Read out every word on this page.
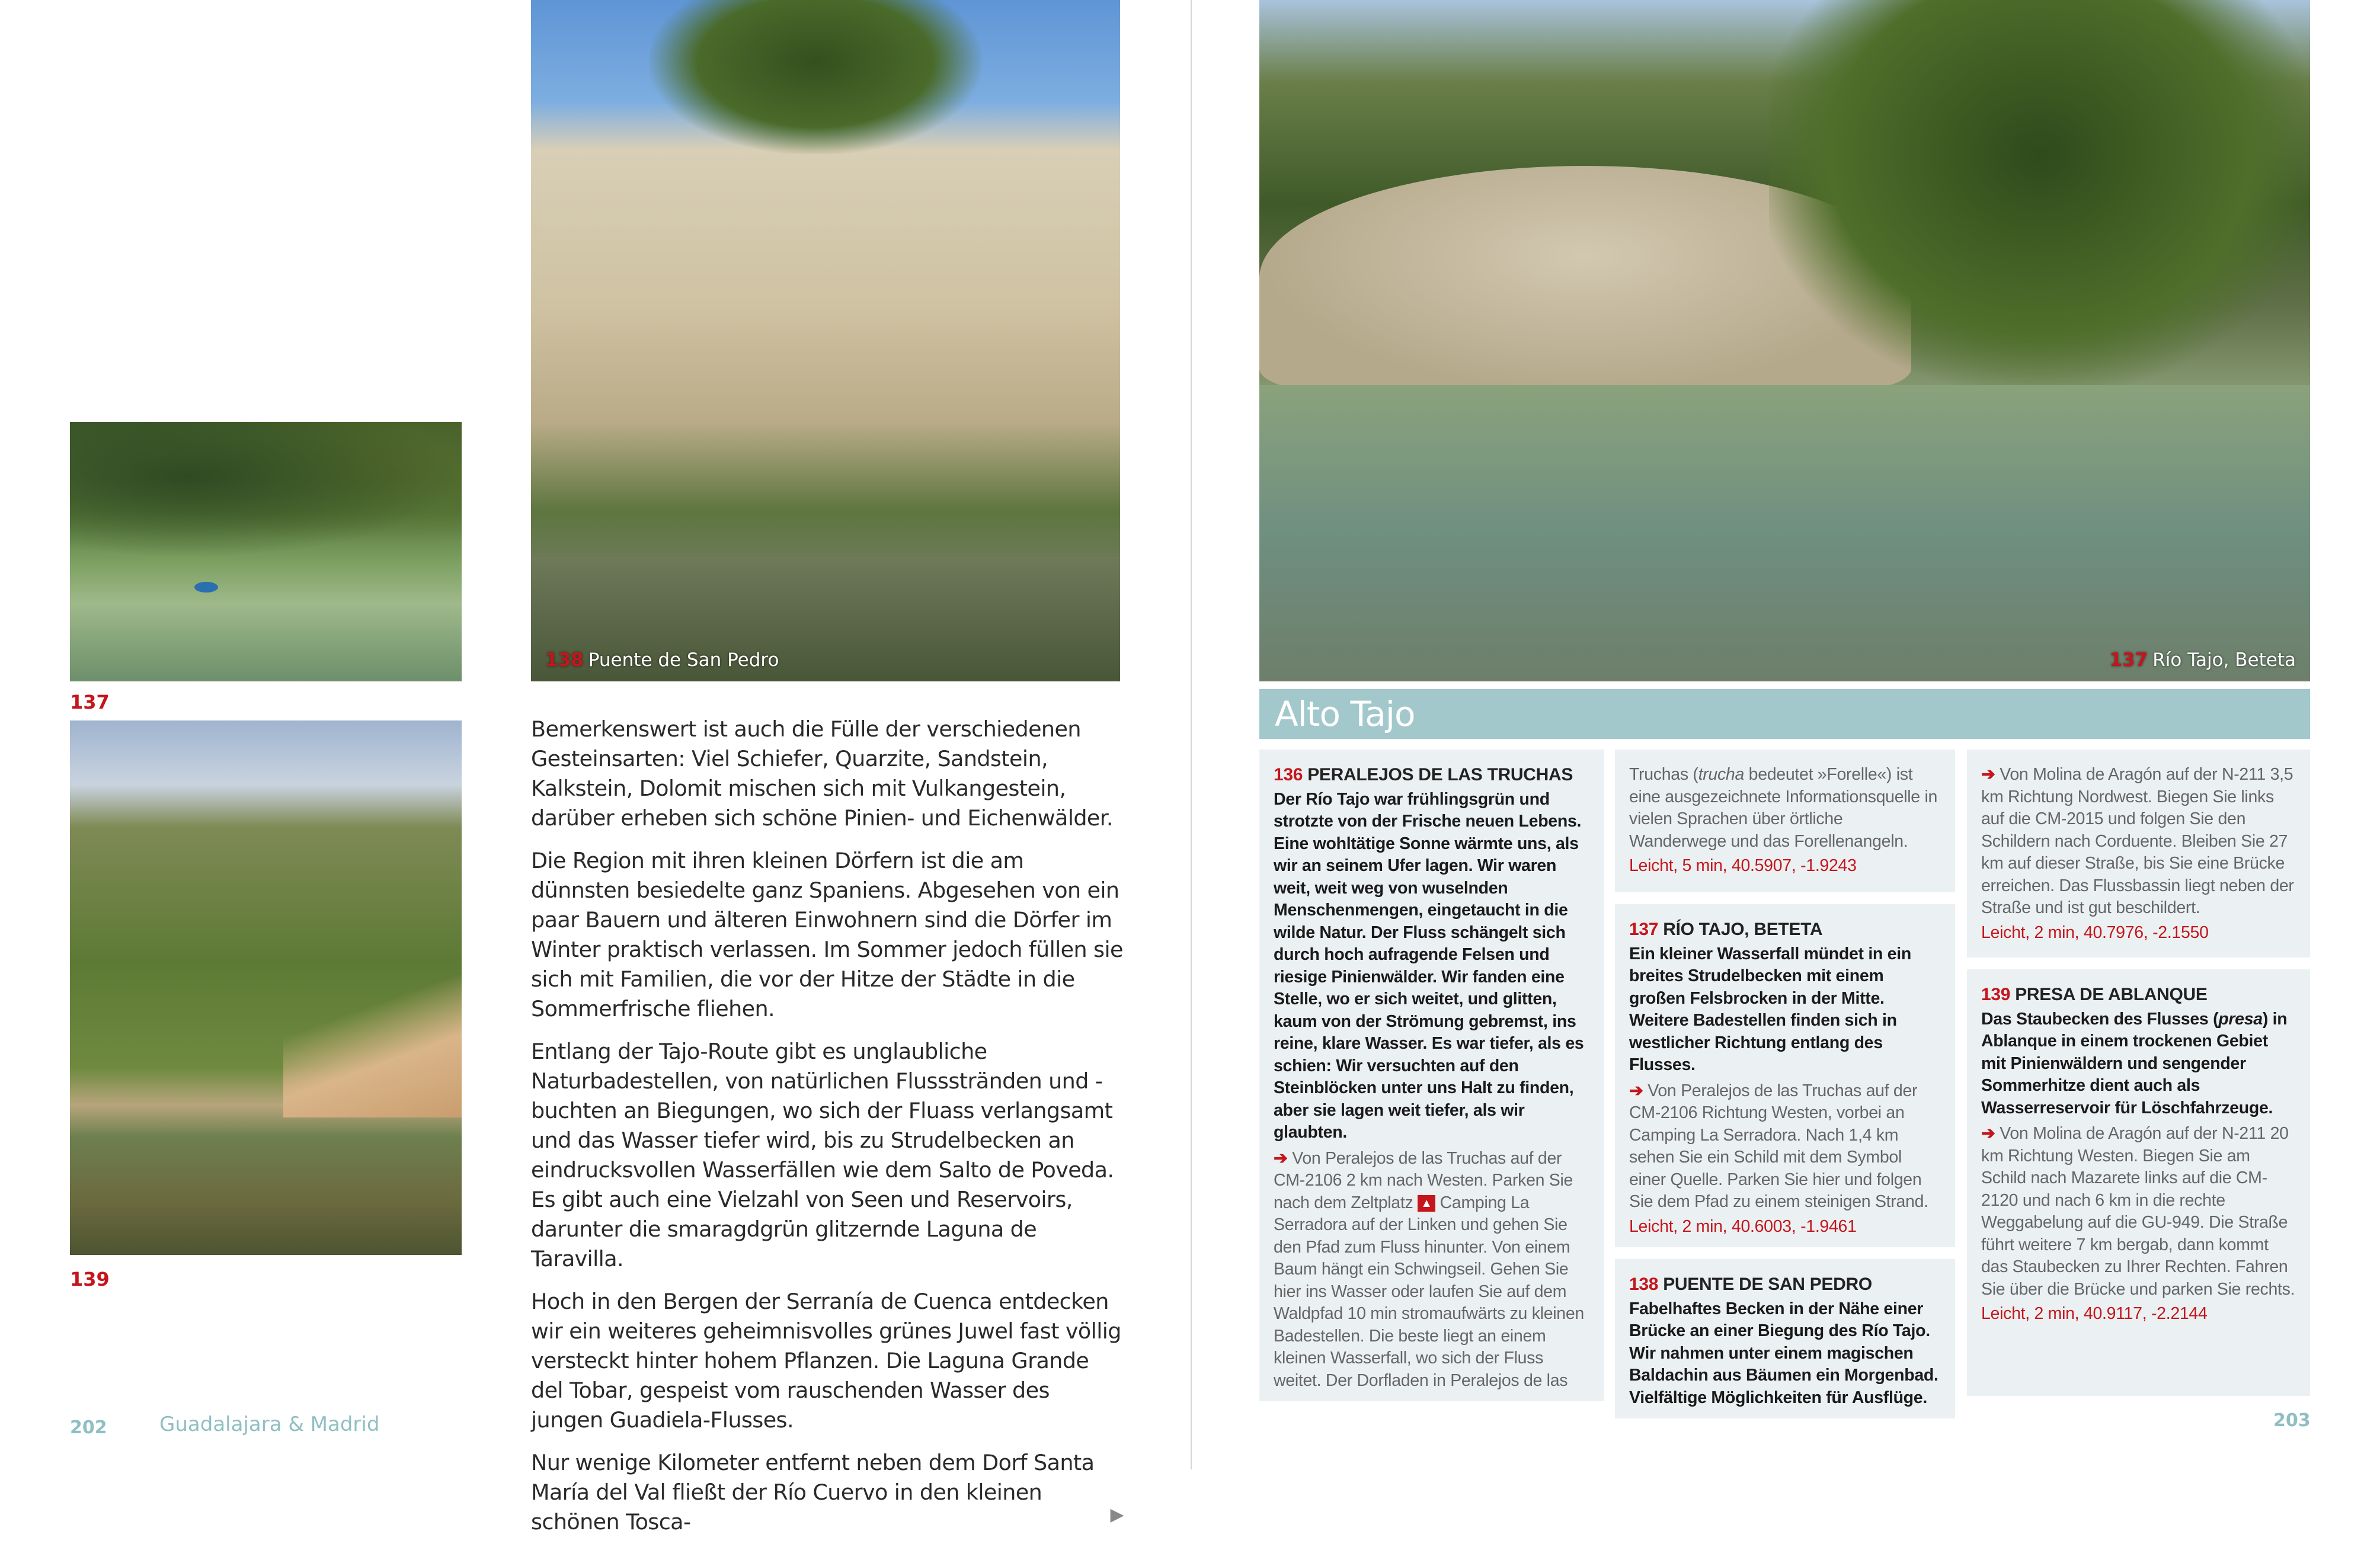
137
139
138 Puente de San Pedro

Bemerkenswert ist auch die Fülle der verschiedenen Gesteinsarten: Viel Schiefer, Quarzite, Sandstein, Kalkstein, Dolomit mischen sich mit Vulkangestein, darüber erheben sich schöne Pinien- und Eichenwälder.

Die Region mit ihren kleinen Dörfern ist die am dünnsten besiedelte ganz Spaniens. Abgesehen von ein paar Bauern und älteren Einwohnern sind die Dörfer im Winter praktisch verlassen. Im Sommer jedoch füllen sie sich mit Familien, die vor der Hitze der Städte in die Sommerfrische fliehen.

Entlang der Tajo-Route gibt es unglaubliche Naturbadestellen, von natürlichen Flussstränden und -buchten an Biegungen, wo sich der Fluass verlangsamt und das Wasser tiefer wird, bis zu Strudelbecken an eindrucksvollen Wasserfällen wie dem Salto de Poveda. Es gibt auch eine Vielzahl von Seen und Reservoirs, darunter die smaragdgrün glitzernde Laguna de Taravilla.

Hoch in den Bergen der Serranía de Cuenca entdecken wir ein weiteres geheimnisvolles grünes Juwel fast völlig versteckt hinter hohem Pflanzen. Die Laguna Grande del Tobar, gespeist vom rauschenden Wasser des jungen Guadiela-Flusses.

Nur wenige Kilometer entfernt neben dem Dorf Santa María del Val fließt der Río Cuervo in den kleinen schönen Tosca-	▶
202	Guadalajara & Madrid
137 Río Tajo, Beteta
Alto Tajo
136 PERALEJOS DE LAS TRUCHAS
Der Río Tajo war frühlingsgrün und strotzte von der Frische neuen Lebens. Eine wohltätige Sonne wärmte uns, als wir an seinem Ufer lagen. Wir waren weit, weit weg von wuselnden Menschenmengen, eingetaucht in die wilde Natur. Der Fluss schängelt sich durch hoch aufragende Felsen und riesige Pinienwälder. Wir fanden eine Stelle, wo er sich weitet, und glitten, kaum von der Strömung gebremst, ins reine, klare Wasser. Es war tiefer, als es schien: Wir versuchten auf den Steinblöcken unter uns Halt zu finden, aber sie lagen weit tiefer, als wir glaubten.
➔ Von Peralejos de las Truchas auf der CM-2106 2 km nach Westen. Parken Sie nach dem Zeltplatz ▲ Camping La Serradora auf der Linken und gehen Sie den Pfad zum Fluss hinunter. Von einem Baum hängt ein Schwingseil. Gehen Sie hier ins Wasser oder laufen Sie auf dem Waldpfad 10 min stromaufwärts zu kleinen Badestellen. Die beste liegt an einem kleinen Wasserfall, wo sich der Fluss weitet. Der Dorfladen in Peralejos de las
Truchas (trucha bedeutet »Forelle«) ist eine ausgezeichnete Informationsquelle in vielen Sprachen über örtliche Wanderwege und das Forellenangeln.
Leicht, 5 min, 40.5907, -1.9243
137 RÍO TAJO, BETETA
Ein kleiner Wasserfall mündet in ein breites Strudelbecken mit einem großen Felsbrocken in der Mitte. Weitere Badestellen finden sich in westlicher Richtung entlang des Flusses.
➔ Von Peralejos de las Truchas auf der CM-2106 Richtung Westen, vorbei an Camping La Serradora. Nach 1,4 km sehen Sie ein Schild mit dem Symbol einer Quelle. Parken Sie hier und folgen Sie dem Pfad zu einem steinigen Strand.
Leicht, 2 min, 40.6003, -1.9461
138 PUENTE DE SAN PEDRO
Fabelhaftes Becken in der Nähe einer Brücke an einer Biegung des Río Tajo. Wir nahmen unter einem magischen Baldachin aus Bäumen ein Morgenbad. Vielfältige Möglichkeiten für Ausflüge.
➔ Von Molina de Aragón auf der N-211 3,5 km Richtung Nordwest. Biegen Sie links auf die CM-2015 und folgen Sie den Schildern nach Corduente. Bleiben Sie 27 km auf dieser Straße, bis Sie eine Brücke erreichen. Das Flussbassin liegt neben der Straße und ist gut beschildert.
Leicht, 2 min, 40.7976, -2.1550
139 PRESA DE ABLANQUE
Das Staubecken des Flusses (presa) in Ablanque in einem trockenen Gebiet mit Pinienwäldern und sengender Sommerhitze dient auch als Wasserreservoir für Löschfahrzeuge.
➔ Von Molina de Aragón auf der N-211 20 km Richtung Westen. Biegen Sie am Schild nach Mazarete links auf die CM-2120 und nach 6 km in die rechte Weggabelung auf die GU-949. Die Straße führt weitere 7 km bergab, dann kommt das Staubecken zu Ihrer Rechten. Fahren Sie über die Brücke und parken Sie rechts.
Leicht, 2 min, 40.9117, -2.2144
203
